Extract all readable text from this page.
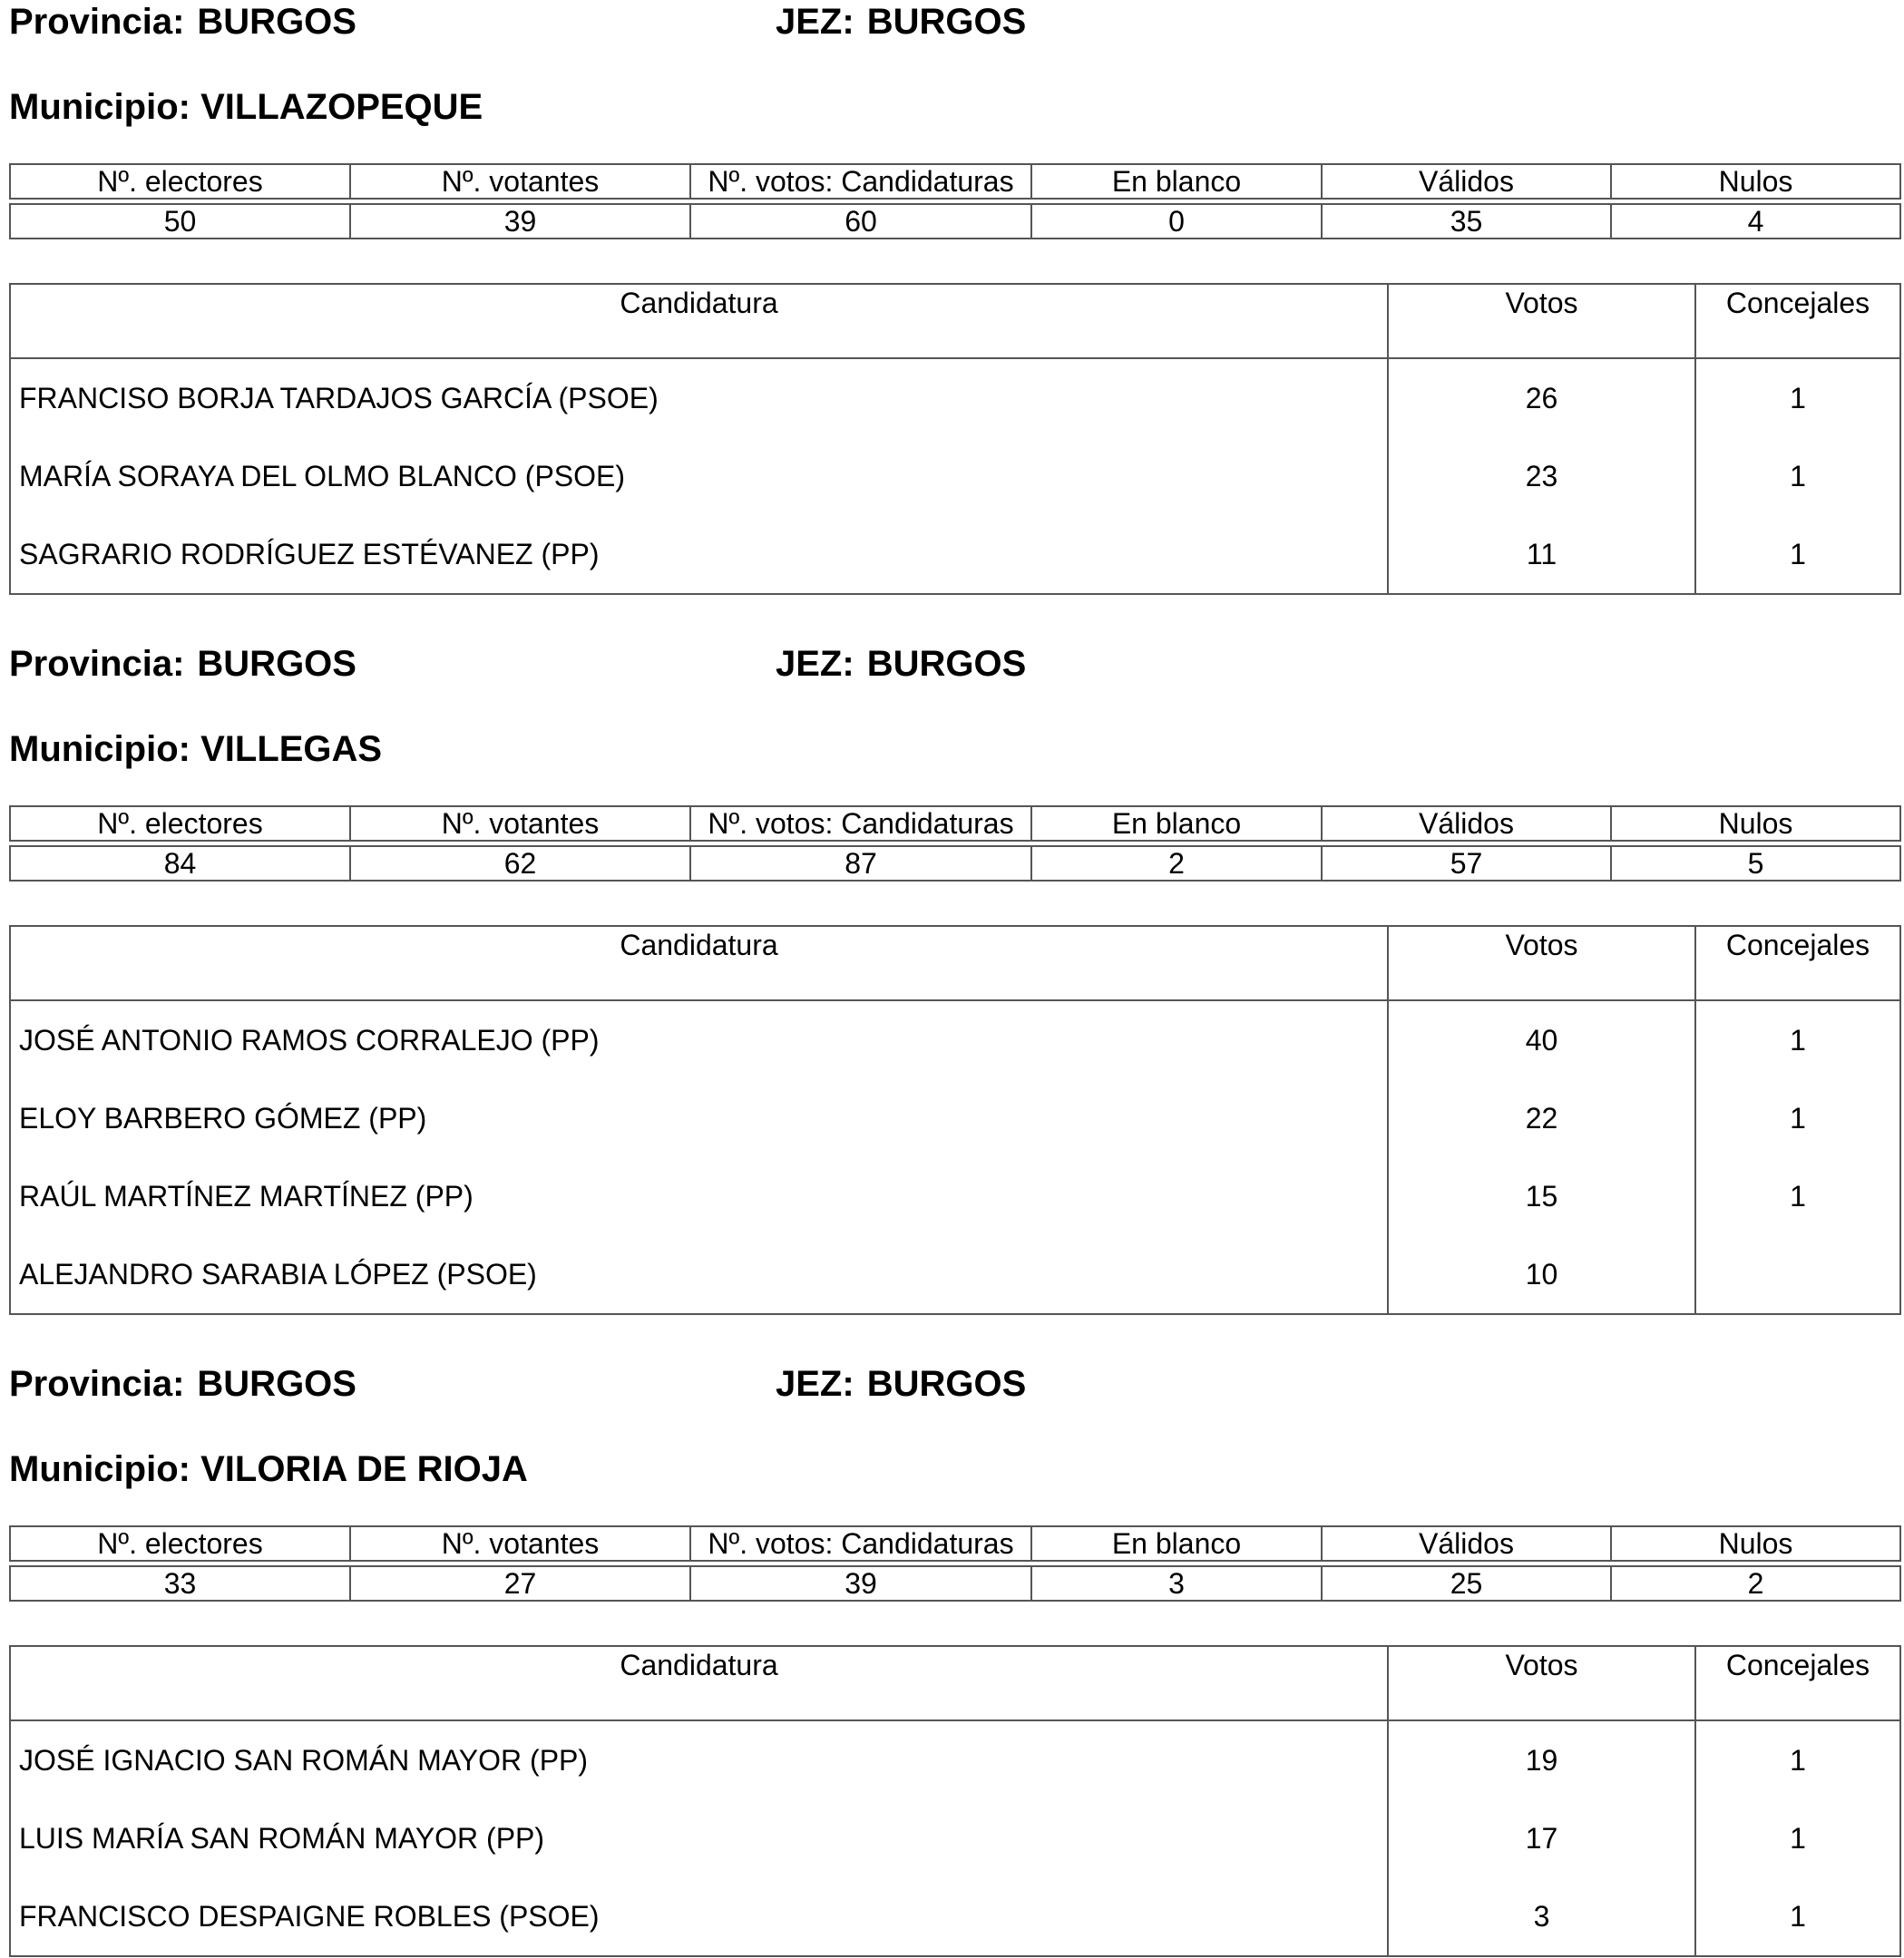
Provincia: BURGOS	JEZ: BURGOS
Municipio: VILLAZOPEQUE
Nº. electores	Nº. votantes	Nº. votos: Candidaturas	En blanco	Válidos	Nulos
50	39	60	0	35	4
Candidatura	Votos	Concejales
FRANCISO BORJA TARDAJOS GARCÍA (PSOE)	26	1
MARÍA SORAYA DEL OLMO BLANCO (PSOE)	23	1
SAGRARIO RODRÍGUEZ ESTÉVANEZ (PP)	11	1
Provincia: BURGOS	JEZ: BURGOS
Municipio: VILLEGAS
Nº. electores	Nº. votantes	Nº. votos: Candidaturas	En blanco	Válidos	Nulos
84	62	87	2	57	5
Candidatura	Votos	Concejales
JOSÉ ANTONIO RAMOS CORRALEJO (PP)	40	1
ELOY BARBERO GÓMEZ (PP)	22	1
RAÚL MARTÍNEZ MARTÍNEZ (PP)	15	1
ALEJANDRO SARABIA LÓPEZ (PSOE)	10	
Provincia: BURGOS	JEZ: BURGOS
Municipio: VILORIA DE RIOJA
Nº. electores	Nº. votantes	Nº. votos: Candidaturas	En blanco	Válidos	Nulos
33	27	39	3	25	2
Candidatura	Votos	Concejales
JOSÉ IGNACIO SAN ROMÁN MAYOR (PP)	19	1
LUIS MARÍA SAN ROMÁN MAYOR (PP)	17	1
FRANCISCO DESPAIGNE ROBLES (PSOE)	3	1
